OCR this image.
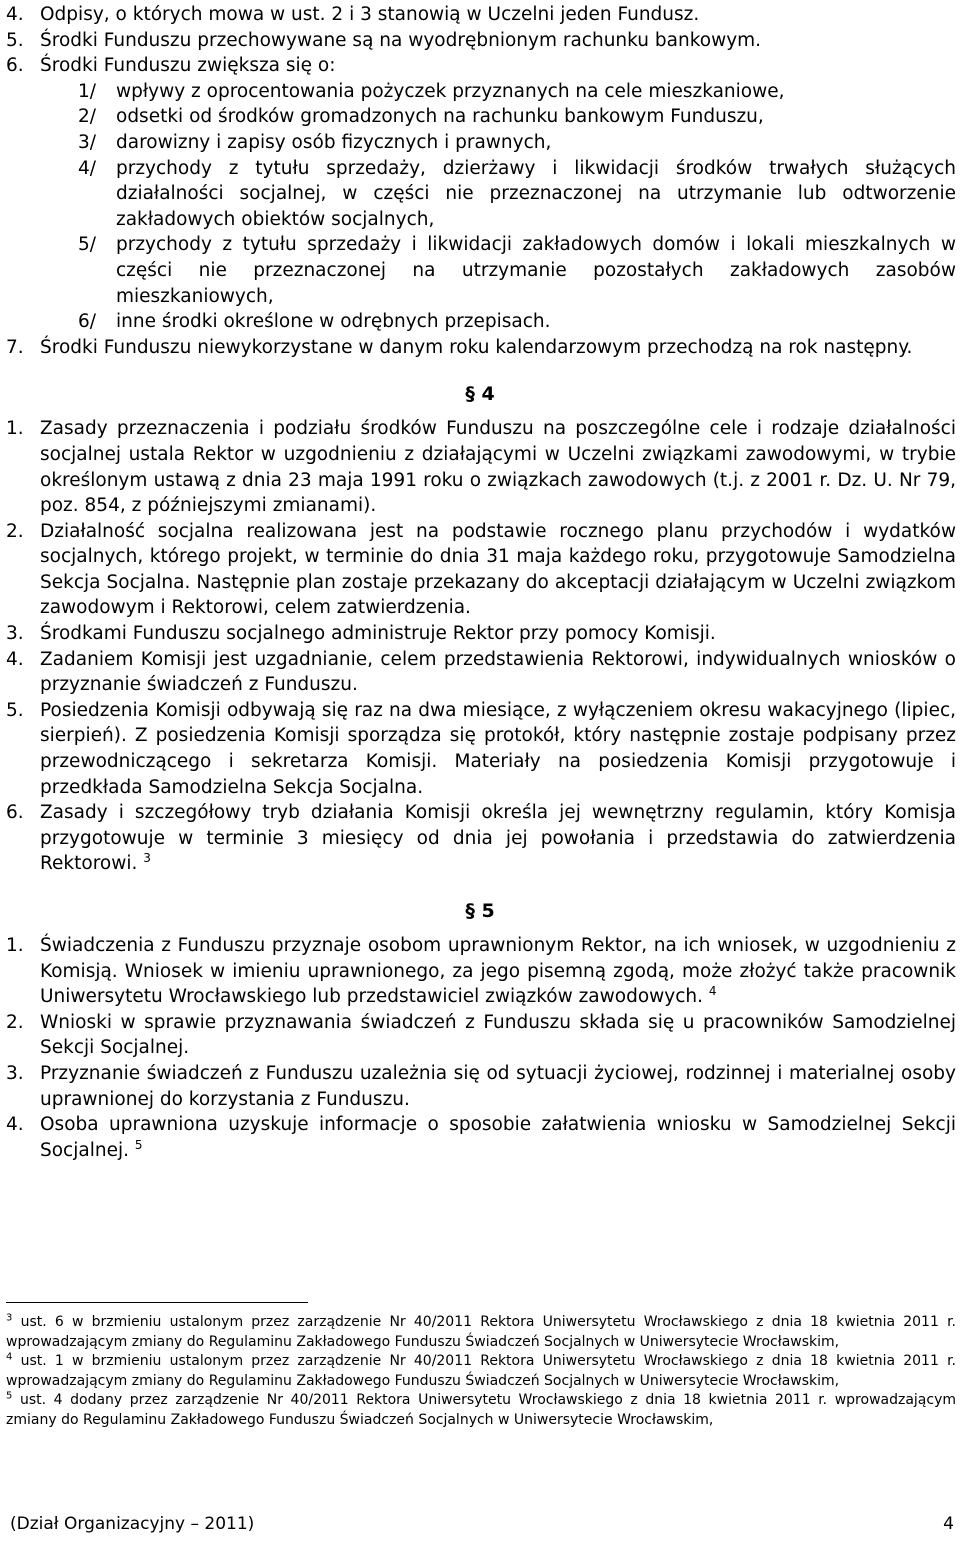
4. Odpisy, o których mowa w ust. 2 i 3 stanowią w Uczelni jeden Fundusz.
5. Środki Funduszu przechowywane są na wyodrębnionym rachunku bankowym.
6. Środki Funduszu zwiększa się o:
1/	wpływy z oprocentowania pożyczek przyznanych na cele mieszkaniowe,
2/	odsetki od środków gromadzonych na rachunku bankowym Funduszu,
3/	darowizny i zapisy osób fizycznych i prawnych,
4/	przychody z tytułu sprzedaży, dzierżawy i likwidacji środków trwałych służących działalności socjalnej, w części nie przeznaczonej na utrzymanie lub odtworzenie zakładowych obiektów socjalnych,
5/	przychody z tytułu sprzedaży i likwidacji zakładowych domów i lokali mieszkalnych w części nie przeznaczonej na utrzymanie pozostałych zakładowych zasobów mieszkaniowych,
6/	inne środki określone w odrębnych przepisach.
7. Środki Funduszu niewykorzystane w danym roku kalendarzowym przechodzą na rok następny.
§ 4
1. Zasady przeznaczenia i podziału środków Funduszu na poszczególne cele i rodzaje działalności socjalnej ustala Rektor w uzgodnieniu z działającymi w Uczelni związkami zawodowymi, w trybie określonym ustawą z dnia 23 maja 1991 roku o związkach zawodowych (t.j. z 2001 r. Dz. U. Nr 79, poz. 854, z późniejszymi zmianami).
2. Działalność socjalna realizowana jest na podstawie rocznego planu przychodów i wydatków socjalnych, którego projekt, w terminie do dnia 31 maja każdego roku, przygotowuje Samodzielna Sekcja Socjalna. Następnie plan zostaje przekazany do akceptacji działającym w Uczelni związkom zawodowym i Rektorowi, celem zatwierdzenia.
3. Środkami Funduszu socjalnego administruje Rektor przy pomocy Komisji.
4. Zadaniem Komisji jest uzgadnianie, celem przedstawienia Rektorowi, indywidualnych wniosków o przyznanie świadczeń z Funduszu.
5. Posiedzenia Komisji odbywają się raz na dwa miesiące, z wyłączeniem okresu wakacyjnego (lipiec, sierpień). Z posiedzenia Komisji sporządza się protokół, który następnie zostaje podpisany przez przewodniczącego i sekretarza Komisji. Materiały na posiedzenia Komisji przygotowuje i przedkłada Samodzielna Sekcja Socjalna.
6. Zasady i szczegółowy tryb działania Komisji określa jej wewnętrzny regulamin, który Komisja przygotowuje w terminie 3 miesięcy od dnia jej powołania i przedstawia do zatwierdzenia Rektorowi. $^3$
§ 5
1. Świadczenia z Funduszu przyznaje osobom uprawnionym Rektor, na ich wniosek, w uzgodnieniu z Komisją. Wniosek w imieniu uprawnionego, za jego pisemną zgodą, może złożyć także pracownik Uniwersytetu Wrocławskiego lub przedstawiciel związków zawodowych. $^4$
2. Wnioski w sprawie przyznawania świadczeń z Funduszu składa się u pracowników Samodzielnej Sekcji Socjalnej.
3. Przyznanie świadczeń z Funduszu uzależnia się od sytuacji życiowej, rodzinnej i materialnej osoby uprawnionej do korzystania z Funduszu.
4. Osoba uprawniona uzyskuje informacje o sposobie załatwienia wniosku w Samodzielnej Sekcji Socjalnej. $^5$
$^3$ ust. 6 w brzmieniu ustalonym przez zarządzenie Nr 40/2011 Rektora Uniwersytetu Wrocławskiego z dnia 18 kwietnia 2011 r. wprowadzającym zmiany do Regulaminu Zakładowego Funduszu Świadczeń Socjalnych w Uniwersytecie Wrocławskim,
$^4$ ust. 1 w brzmieniu ustalonym przez zarządzenie Nr 40/2011 Rektora Uniwersytetu Wrocławskiego z dnia 18 kwietnia 2011 r. wprowadzającym zmiany do Regulaminu Zakładowego Funduszu Świadczeń Socjalnych w Uniwersytecie Wrocławskim,
$^5$ ust. 4 dodany przez zarządzenie Nr 40/2011 Rektora Uniwersytetu Wrocławskiego z dnia 18 kwietnia 2011 r. wprowadzającym zmiany do Regulaminu Zakładowego Funduszu Świadczeń Socjalnych w Uniwersytecie Wrocławskim,
(Dział Organizacyjny – 2011)	4
